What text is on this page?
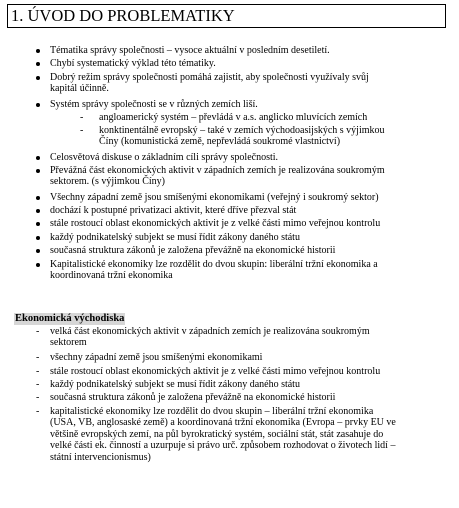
1. ÚVOD DO PROBLEMATIKY
Tématika správy společnosti – vysoce aktuální v posledním desetiletí.
Chybí systematický výklad této tématiky.
Dobrý režim správy společnosti pomáhá zajistit, aby společnosti využívaly svůj
kapitál účinně.
Systém správy společnosti se v různých zemích liší.
- angloamerický systém – převládá v a.s. anglicko mluvících zemích
- konktinentálně evropský – také v zemích východoasijských s výjimkou
Číny (komunistická země, nepřevládá soukromé vlastnictví)
Celosvětová diskuse o základním cíli správy společnosti.
Převážná část ekonomických aktivit v západních zemích je realizována soukromým
sektorem. (s výjimkou Číny)
Všechny západní země jsou smíšenými ekonomikami (veřejný i soukromý sektor)
dochází k postupné privatizaci aktivit, které dříve přezval stát
stále rostoucí oblast ekonomických aktivit je z velké části mimo veřejnou kontrolu
každý podnikatelský subjekt se musí řídit zákony daného státu
současná struktura zákonů je založena převážně na ekonomické historii
Kapitalistické ekonomiky lze rozdělit do dvou skupin: liberální tržní ekonomika a
koordinovaná tržní ekonomika
Ekonomická východiska
- velká část ekonomických aktivit v západních zemích je realizována soukromým
sektorem
- všechny západní země jsou smíšenými ekonomikami
- stále rostoucí oblast ekonomických aktivit je z velké části mimo veřejnou kontrolu
- každý podnikatelský subjekt se musí řídit zákony daného státu
- současná struktura zákonů je založena převážně na ekonomické historii
- kapitalistické ekonomiky lze rozdělit do dvou skupin – liberální tržní ekonomika
(USA, VB, anglosaské země) a koordinovaná tržní ekonomika (Evropa – prvky EU ve
většině evropských zemí, na půl byrokratický systém, sociální stát, stát zasahuje do
velké části ek. činností a uzurpuje si právo urč. způsobem rozhodovat o životech lidí –
státní intervencionismus)
